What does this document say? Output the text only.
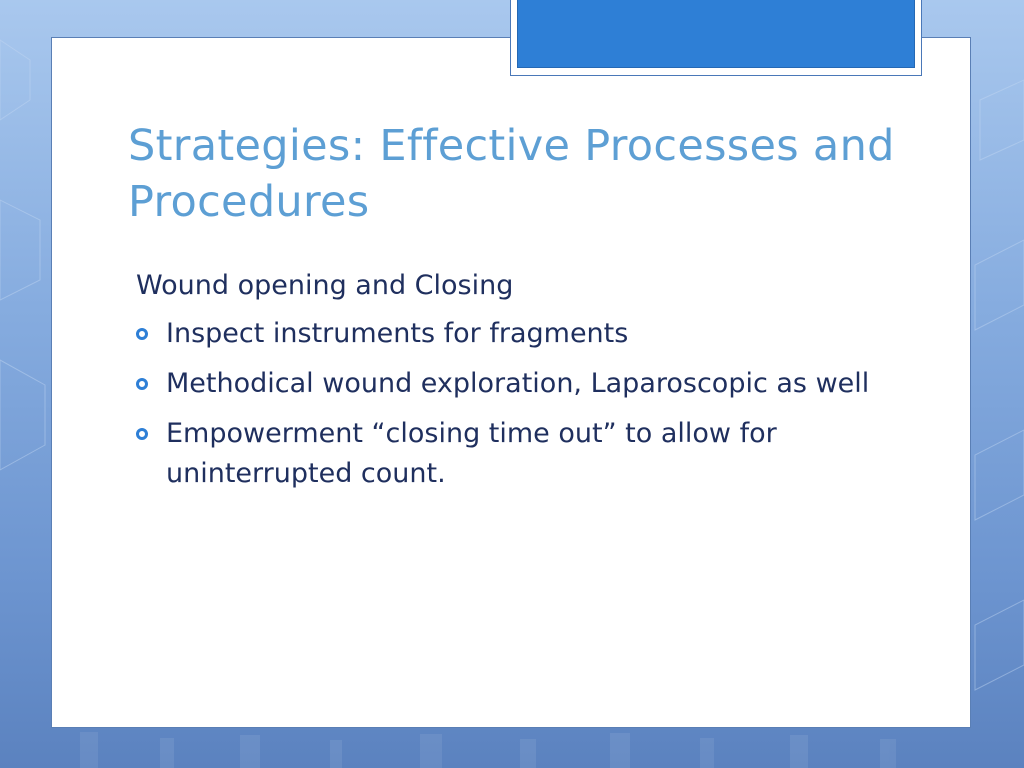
Strategies: Effective Processes and Procedures

Wound opening and Closing

Inspect instruments for fragments
Methodical wound exploration, Laparoscopic as well
Empowerment “closing time out” to allow for uninterrupted count.
